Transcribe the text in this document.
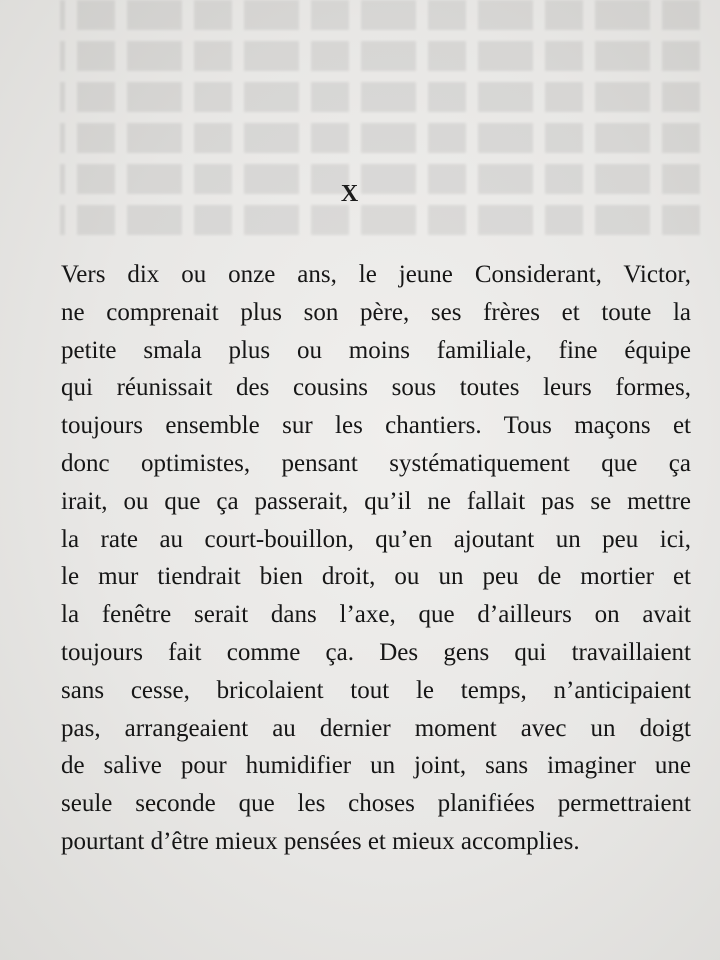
X
Vers dix ou onze ans, le jeune Considerant, Victor,
ne comprenait plus son père, ses frères et toute la
petite smala plus ou moins familiale, fine équipe
qui réunissait des cousins sous toutes leurs formes,
toujours ensemble sur les chantiers. Tous maçons et
donc optimistes, pensant systématiquement que ça
irait, ou que ça passerait, qu’il ne fallait pas se mettre
la rate au court-bouillon, qu’en ajoutant un peu ici,
le mur tiendrait bien droit, ou un peu de mortier et
la fenêtre serait dans l’axe, que d’ailleurs on avait
toujours fait comme ça. Des gens qui travaillaient
sans cesse, bricolaient tout le temps, n’anticipaient
pas, arrangeaient au dernier moment avec un doigt
de salive pour humidifier un joint, sans imaginer une
seule seconde que les choses planifiées permettraient
pourtant d’être mieux pensées et mieux accomplies.
